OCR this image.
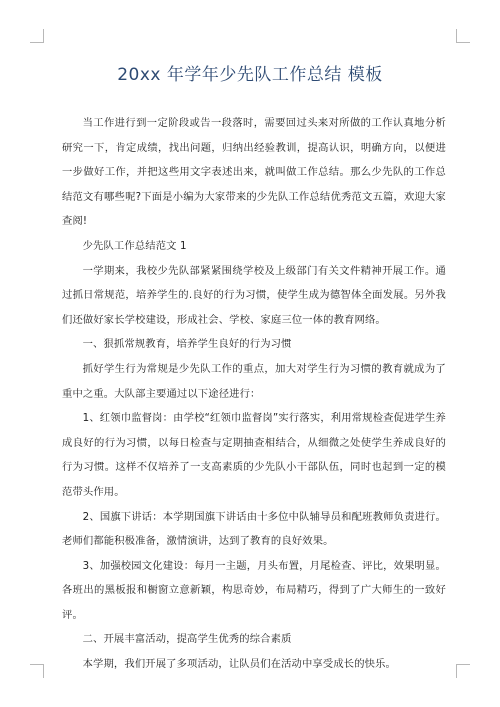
20xx 年学年少先队工作总结 模板

当工作进行到一定阶段或告一段落时，需要回过头来对所做的工作认真地分析研究一下，肯定成绩，找出问题，归纳出经验教训，提高认识，明确方向，以便进一步做好工作，并把这些用文字表述出来，就叫做工作总结。那么少先队的工作总结范文有哪些呢?下面是小编为大家带来的少先队工作总结优秀范文五篇，欢迎大家查阅!

少先队工作总结范文 1

一学期来，我校少先队部紧紧围绕学校及上级部门有关文件精神开展工作。通过抓日常规范，培养学生的.良好的行为习惯，使学生成为德智体全面发展。另外我们还做好家长学校建设，形成社会、学校、家庭三位一体的教育网络。

一、狠抓常规教育，培养学生良好的行为习惯

抓好学生行为常规是少先队工作的重点，加大对学生行为习惯的教育就成为了重中之重。大队部主要通过以下途径进行：

1、红领巾监督岗：由学校“红领巾监督岗”实行落实，利用常规检查促进学生养成良好的行为习惯，以每日检查与定期抽查相结合，从细微之处使学生养成良好的行为习惯。这样不仅培养了一支高素质的少先队小干部队伍，同时也起到一定的模范带头作用。

2、国旗下讲话：本学期国旗下讲话由十多位中队辅导员和配班教师负责进行。老师们都能积极准备，激情演讲，达到了教育的良好效果。

3、加强校园文化建设：每月一主题，月头布置，月尾检查、评比，效果明显。各班出的黑板报和橱窗立意新颖，构思奇妙，布局精巧，得到了广大师生的一致好评。

二、开展丰富活动，提高学生优秀的综合素质

本学期，我们开展了多项活动，让队员们在活动中享受成长的快乐。
